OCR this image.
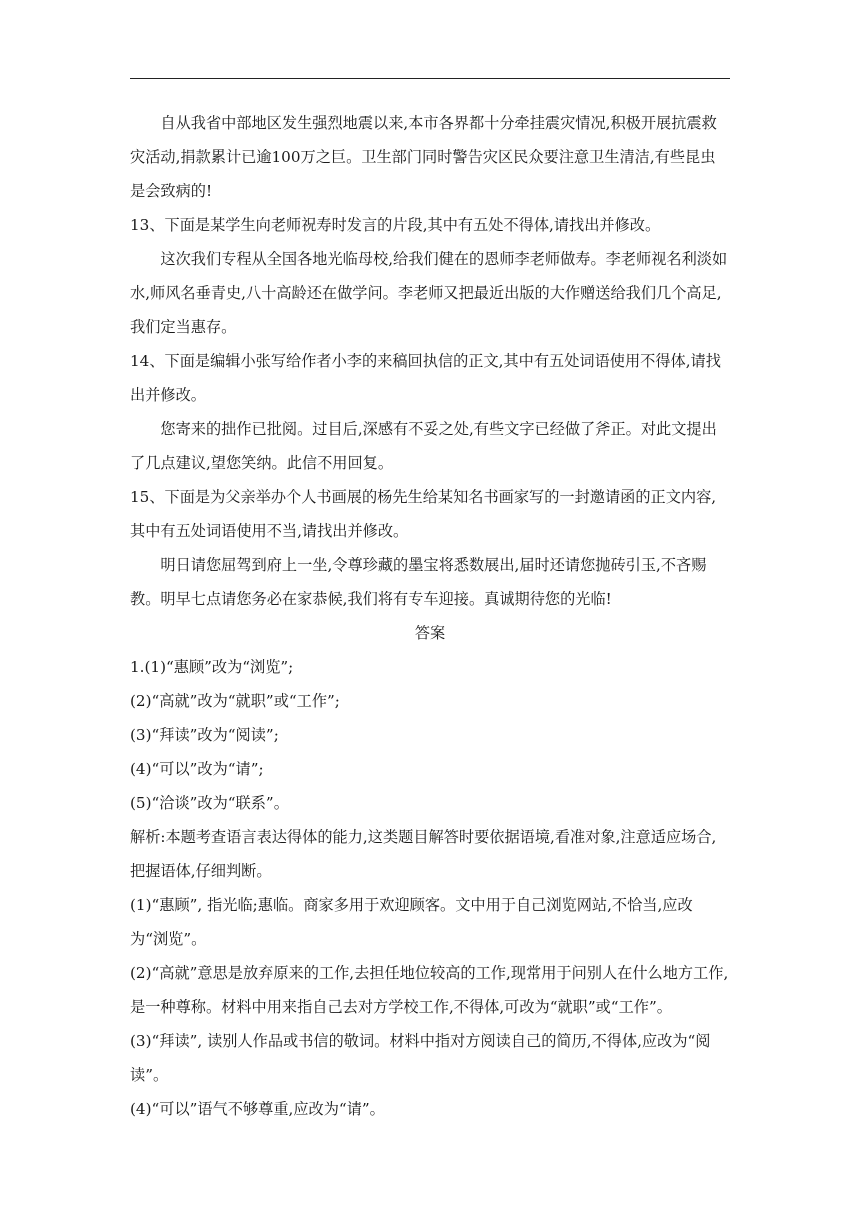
自从我省中部地区发生强烈地震以来,本市各界都十分牵挂震灾情况,积极开展抗震救灾活动,捐款累计已逾100万之巨。卫生部门同时警告灾区民众要注意卫生清洁,有些昆虫是会致病的!

13、下面是某学生向老师祝寿时发言的片段,其中有五处不得体,请找出并修改。

这次我们专程从全国各地光临母校,给我们健在的恩师李老师做寿。李老师视名利淡如水,师风名垂青史,八十高龄还在做学问。李老师又把最近出版的大作赠送给我们几个高足,我们定当惠存。

14、下面是编辑小张写给作者小李的来稿回执信的正文,其中有五处词语使用不得体,请找出并修改。

您寄来的拙作已批阅。过目后,深感有不妥之处,有些文字已经做了斧正。对此文提出了几点建议,望您笑纳。此信不用回复。

15、下面是为父亲举办个人书画展的杨先生给某知名书画家写的一封邀请函的正文内容,其中有五处词语使用不当,请找出并修改。

明日请您屈驾到府上一坐,令尊珍藏的墨宝将悉数展出,届时还请您抛砖引玉,不吝赐教。明早七点请您务必在家恭候,我们将有专车迎接。真诚期待您的光临!

答案

1.(1)“惠顾”改为“浏览”;

(2)“高就”改为“就职”或“工作”;

(3)“拜读”改为“阅读”;

(4)“可以”改为“请”;

(5)“洽谈”改为“联系”。

解析:本题考查语言表达得体的能力,这类题目解答时要依据语境,看准对象,注意适应场合,把握语体,仔细判断。

(1)“惠顾”, 指光临;惠临。商家多用于欢迎顾客。文中用于自己浏览网站,不恰当,应改为“浏览”。

(2)“高就”意思是放弃原来的工作,去担任地位较高的工作,现常用于问别人在什么地方工作,是一种尊称。材料中用来指自己去对方学校工作,不得体,可改为“就职”或“工作”。

(3)“拜读”, 读别人作品或书信的敬词。材料中指对方阅读自己的简历,不得体,应改为“阅读”。

(4)“可以”语气不够尊重,应改为“请”。
